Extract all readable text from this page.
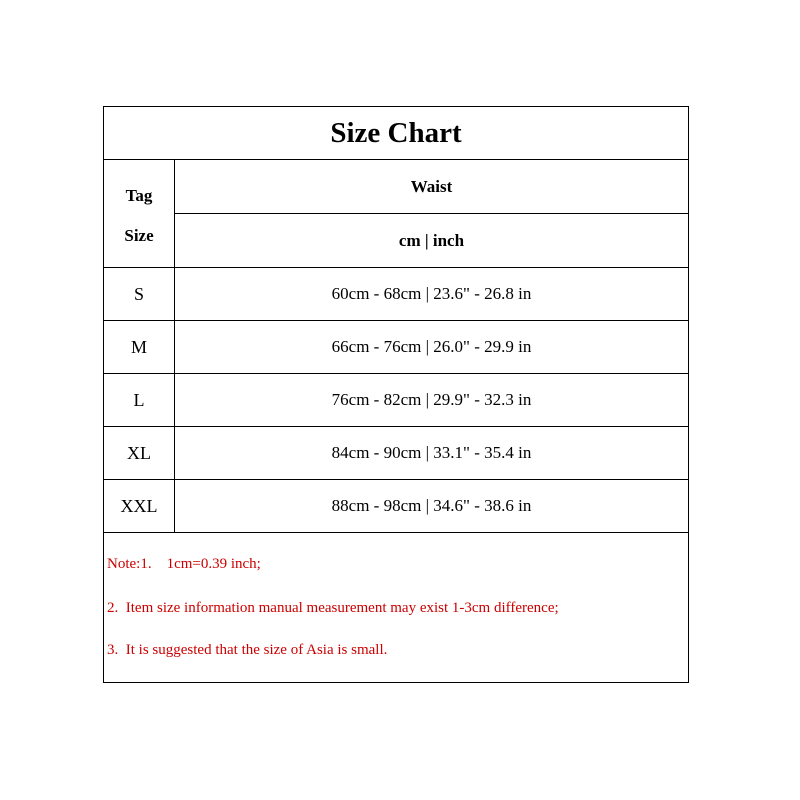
Size Chart
Tag
Size
Waist
cm | inch
S	60cm - 68cm | 23.6" - 26.8 in
M	66cm - 76cm | 26.0" - 29.9 in
L	76cm - 82cm | 29.9" - 32.3 in
XL	84cm - 90cm | 33.1" - 35.4 in
XXL	88cm - 98cm | 34.6" - 38.6 in
Note:1.    1cm=0.39 inch;
2.  Item size information manual measurement may exist 1-3cm difference;
3.  It is suggested that the size of Asia is small.
